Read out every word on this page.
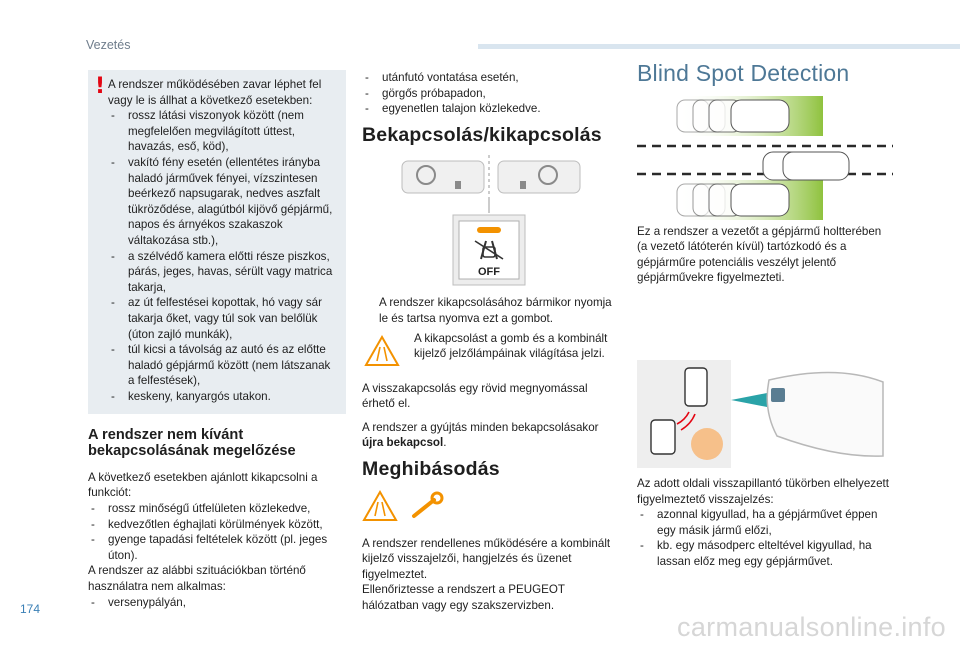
Vezetés
! A rendszer működésében zavar léphet fel vagy le is állhat a következő esetekben:

- rossz látási viszonyok között (nem megfelelően megvilágított úttest, havazás, eső, köd),
- vakító fény esetén (ellentétes irányba haladó járművek fényei, vízszintesen beérkező napsugarak, nedves aszfalt tükröződése, alagútból kijövő gépjármű, napos és árnyékos szakaszok váltakozása stb.),
- a szélvédő kamera előtti része piszkos, párás, jeges, havas, sérült vagy matrica takarja,
- az út felfestései kopottak, hó vagy sár takarja őket, vagy túl sok van belőlük (úton zajló munkák),
- túl kicsi a távolság az autó és az előtte haladó gépjármű között (nem látszanak a felfestések),
- keskeny, kanyargós utakon.
A rendszer nem kívánt bekapcsolásának megelőzése

A következő esetekben ajánlott kikapcsolni a funkciót:

- rossz minőségű útfelületen közlekedve,
- kedvezőtlen éghajlati körülmények között,
- gyenge tapadási feltételek között (pl. jeges úton).

A rendszer az alábbi szituációkban történő használatra nem alkalmas:

- versenypályán,
- utánfutó vontatása esetén,
- görgős próbapadon,
- egyenetlen talajon közlekedve.
Bekapcsolás/kikapcsolás
OFF
A rendszer kikapcsolásához bármikor nyomja le és tartsa nyomva ezt a gombot.
A kikapcsolást a gomb és a kombinált kijelző jelzőlámpáinak világítása jelzi.

A visszakapcsolás egy rövid megnyomással érhető el.

A rendszer a gyújtás minden bekapcsolásakor újra bekapcsol.

Meghibásodás

A rendszer rendellenes működésére a kombinált kijelző visszajelzői, hangjelzés és üzenet figyelmeztet.

Ellenőriztesse a rendszert a PEUGEOT hálózatban vagy egy szakszervizben.

Blind Spot Detection

Ez a rendszer a vezetőt a gépjármű holtterében (a vezető látóterén kívül) tartózkodó és a gépjárműre potenciális veszélyt jelentő gépjárművekre figyelmezteti.

Az adott oldali visszapillantó tükörben elhelyezett figyelmeztető visszajelzés:

- azonnal kigyullad, ha a gépjárművet éppen egy másik jármű előzi,
- kb. egy másodperc elteltével kigyullad, ha lassan előz meg egy gépjárművet.
174
carmanualsonline.info
